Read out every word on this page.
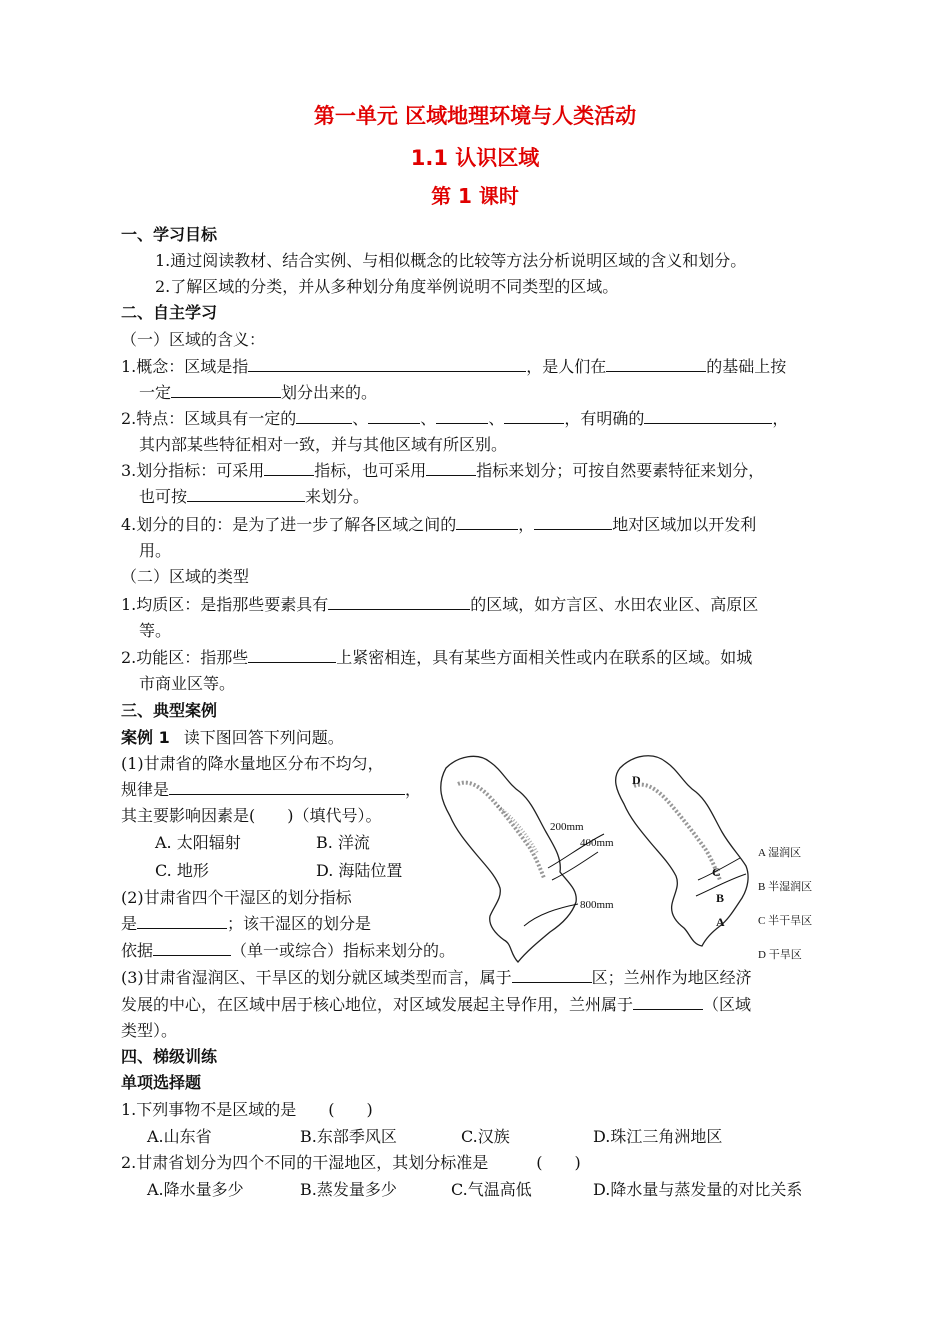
第一单元 区域地理环境与人类活动
1.1 认识区域
第 1 课时
一、学习目标
1.通过阅读教材、结合实例、与相似概念的比较等方法分析说明区域的含义和划分。
2.了解区域的分类，并从多种划分角度举例说明不同类型的区域。
二、自主学习
（一）区域的含义：
1.概念：区域是指	，是人们在	的基础上按
一定	划分出来的。
2.特点：区域具有一定的	、	、	、	，有明确的	，
其内部某些特征相对一致，并与其他区域有所区别。
3.划分指标：可采用	指标，也可采用	指标来划分；可按自然要素特征来划分，
也可按	来划分。
4.划分的目的：是为了进一步了解各区域之间的	，	地对区域加以开发利
用。
（二）区域的类型
1.均质区：是指那些要素具有	的区域，如方言区、水田农业区、高原区
等。
2.功能区：指那些	上紧密相连，具有某些方面相关性或内在联系的区域。如城
市商业区等。
三、典型案例
案例 1 读下图回答下列问题。
(1)甘肃省的降水量地区分布不均匀，
规律是	，
其主要影响因素是(　　)（填代号）。
A. 太阳辐射	B. 洋流
C. 地形	D. 海陆位置
(2)甘肃省四个干湿区的划分指标
是	；该干湿区的划分是
依据	（单一或综合）指标来划分的。
(3)甘肃省湿润区、干旱区的划分就区域类型而言，属于	区；兰州作为地区经济
发展的中心，在区域中居于核心地位，对区域发展起主导作用，兰州属于	（区域
类型）。
200mm
400mm
800mm
D
C
B
A
A 湿润区
B 半湿润区
C 半干旱区
D 干旱区
四、梯级训练
单项选择题
1.下列事物不是区域的是　　(　　)
A.山东省	B.东部季风区	C.汉族	D.珠江三角洲地区
2.甘肃省划分为四个不同的干湿地区，其划分标准是　　　(　　)
A.降水量多少	B.蒸发量多少	C.气温高低	D.降水量与蒸发量的对比关系
